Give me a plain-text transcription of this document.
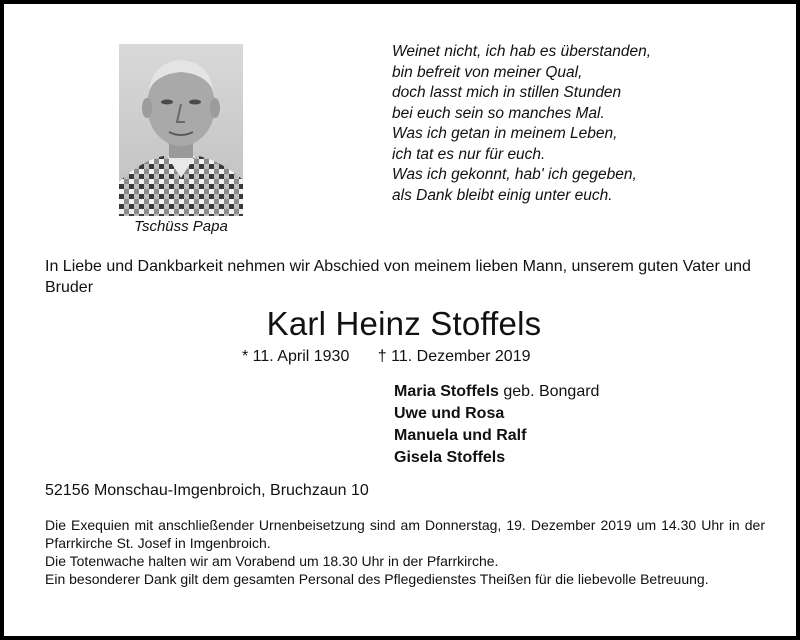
Tschüss Papa
Weinet nicht, ich hab es überstanden,
bin befreit von meiner Qual,
doch lasst mich in stillen Stunden
bei euch sein so manches Mal.
Was ich getan in meinem Leben,
ich tat es nur für euch.
Was ich gekonnt, hab' ich gegeben,
als Dank bleibt einig unter euch.
In Liebe und Dankbarkeit nehmen wir Abschied von meinem lieben Mann, unserem guten Vater und Bruder
Karl Heinz Stoffels
* 11. April 1930 † 11. Dezember 2019
Maria Stoffels geb. Bongard
Uwe und Rosa
Manuela und Ralf
Gisela Stoffels
52156 Monschau-Imgenbroich, Bruchzaun 10

Die Exequien mit anschließender Urnenbeisetzung sind am Donnerstag, 19. Dezember 2019 um 14.30 Uhr in der Pfarrkirche St. Josef in Imgenbroich.

Die Totenwache halten wir am Vorabend um 18.30 Uhr in der Pfarrkirche.

Ein besonderer Dank gilt dem gesamten Personal des Pflegedienstes Theißen für die liebevolle Betreuung.
